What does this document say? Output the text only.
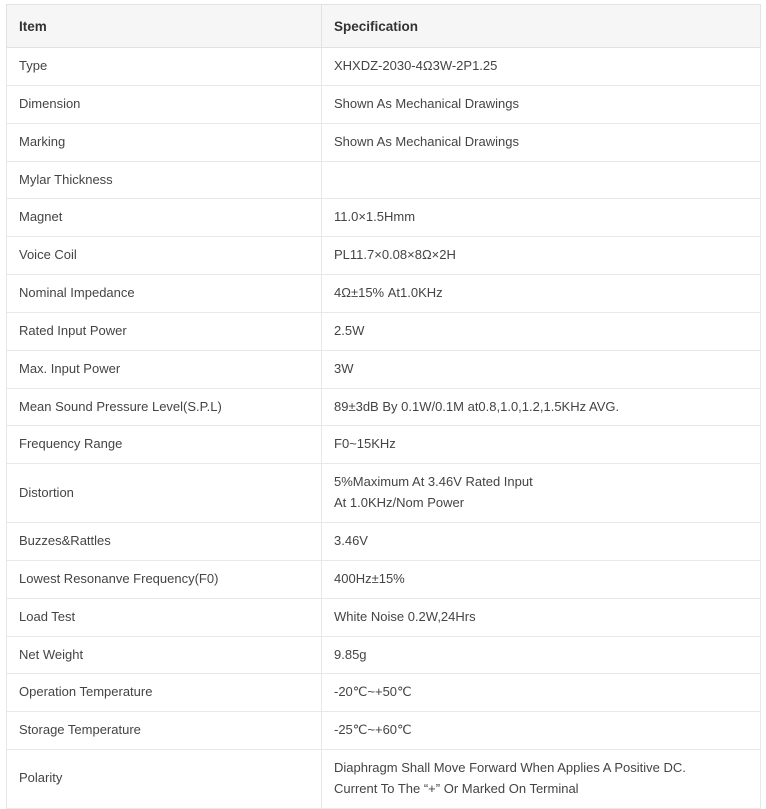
Item	Specification
Type	XHXDZ-2030-4Ω3W-2P1.25

Dimension	Shown As Mechanical Drawings

Marking	Shown As Mechanical Drawings

Mylar Thickness	

Magnet	11.0×1.5Hmm

Voice Coil	PL11.7×0.08×8Ω×2H

Nominal Impedance	4Ω±15% At1.0KHz

Rated Input Power	2.5W

Max. Input Power	3W

Mean Sound Pressure Level(S.P.L)	89±3dB By 0.1W/0.1M at0.8,1.0,1.2,1.5KHz AVG.

Frequency Range	F0~15KHz

Distortion	5%Maximum At 3.46V Rated Input
At 1.0KHz/Nom Power

Buzzes&Rattles	3.46V

Lowest Resonanve Frequency(F0)	400Hz±15%

Load Test	White Noise 0.2W,24Hrs

Net Weight	9.85g

Operation Temperature	-20℃~+50℃

Storage Temperature	-25℃~+60℃

Polarity	Diaphragm Shall Move Forward When Applies A Positive DC.
Current To The “+” Or Marked On Terminal
